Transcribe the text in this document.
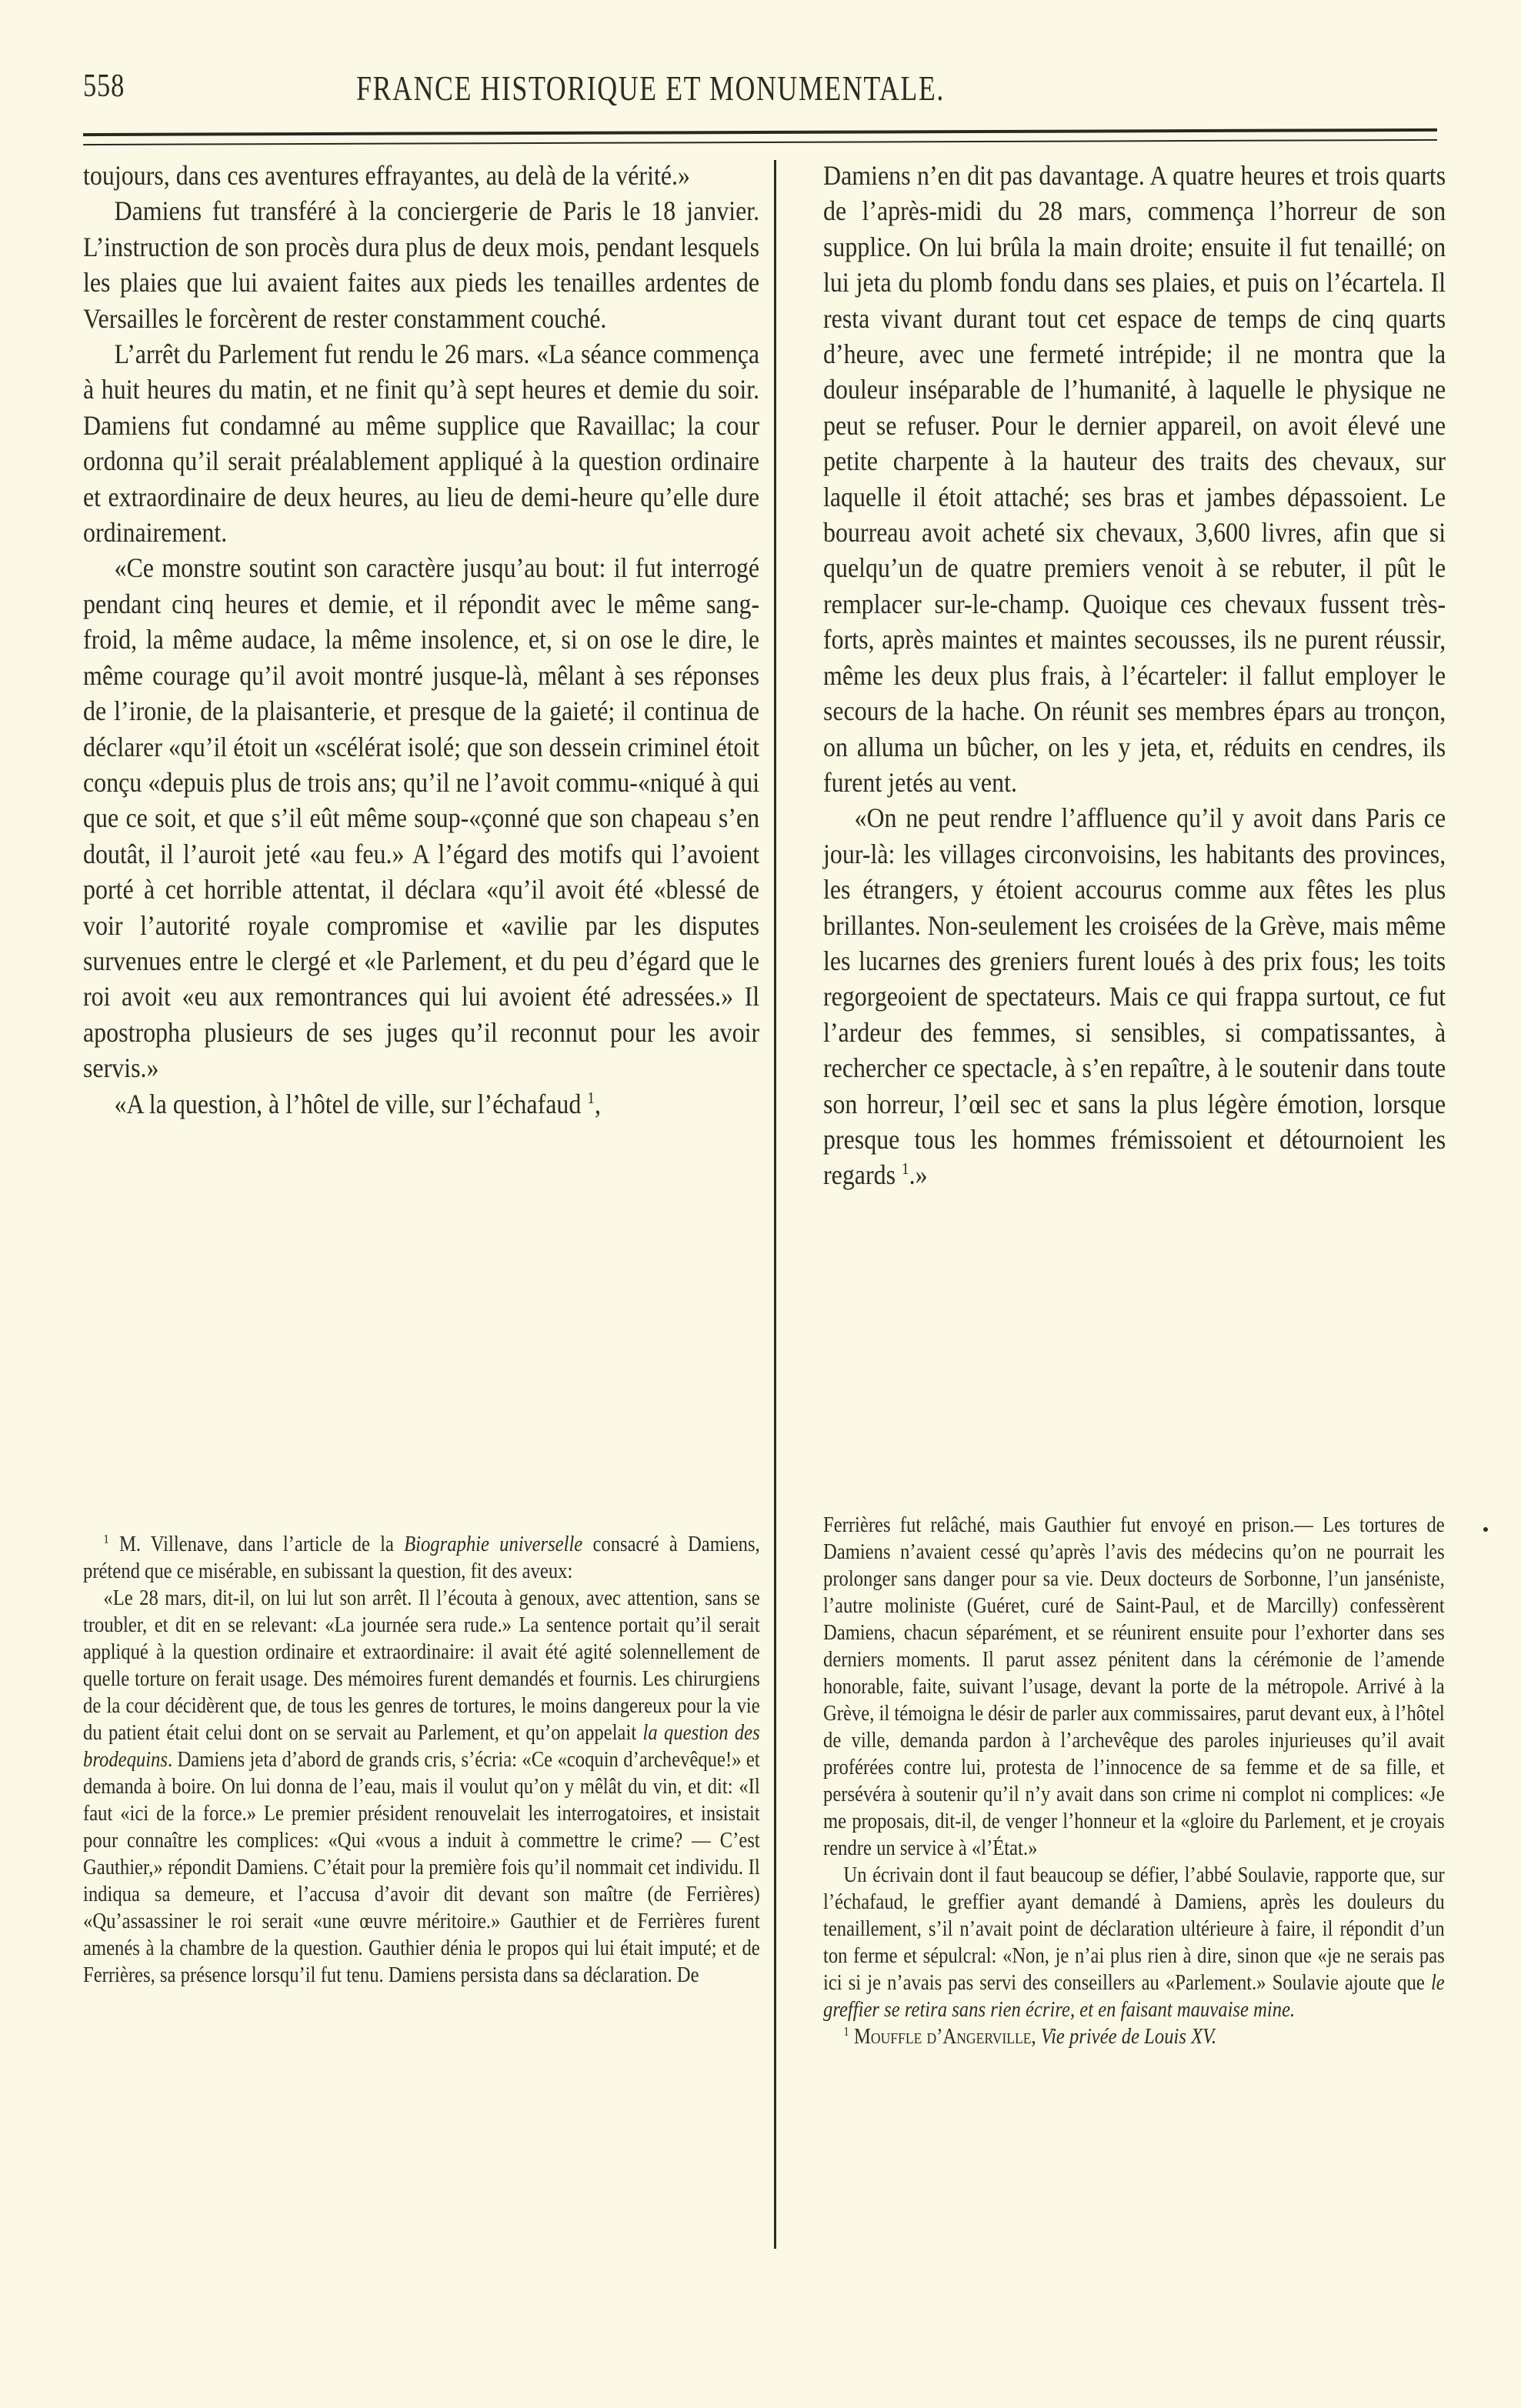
558	FRANCE HISTORIQUE ET MONUMENTALE.

toujours, dans ces aventures effrayantes, au delà de la vérité.»

Damiens fut transféré à la conciergerie de Paris le 18 janvier. L’instruction de son procès dura plus de deux mois, pendant lesquels les plaies que lui avaient faites aux pieds les tenailles ardentes de Versailles le forcèrent de rester constamment couché.

L’arrêt du Parlement fut rendu le 26 mars. «La séance commença à huit heures du matin, et ne finit qu’à sept heures et demie du soir. Damiens fut condamné au même supplice que Ravaillac; la cour ordonna qu’il serait préalablement appliqué à la question ordinaire et extraordinaire de deux heures, au lieu de demi-heure qu’elle dure ordinairement.

«Ce monstre soutint son caractère jusqu’au bout: il fut interrogé pendant cinq heures et demie, et il répondit avec le même sang-froid, la même audace, la même insolence, et, si on ose le dire, le même courage qu’il avoit montré jusque-là, mêlant à ses réponses de l’ironie, de la plaisanterie, et presque de la gaieté; il continua de déclarer «qu’il étoit un «scélérat isolé; que son dessein criminel étoit conçu «depuis plus de trois ans; qu’il ne l’avoit commu-«niqué à qui que ce soit, et que s’il eût même soup-«çonné que son chapeau s’en doutât, il l’auroit jeté «au feu.» A l’égard des motifs qui l’avoient porté à cet horrible attentat, il déclara «qu’il avoit été «blessé de voir l’autorité royale compromise et «avilie par les disputes survenues entre le clergé et «le Parlement, et du peu d’égard que le roi avoit «eu aux remontrances qui lui avoient été adressées.» Il apostropha plusieurs de ses juges qu’il reconnut pour les avoir servis.»

«A la question, à l’hôtel de ville, sur l’échafaud $^1$,

$^1$ M. Villenave, dans l’article de la Biographie universelle consacré à Damiens, prétend que ce misérable, en subissant la question, fit des aveux:

«Le 28 mars, dit-il, on lui lut son arrêt. Il l’écouta à genoux, avec attention, sans se troubler, et dit en se relevant: «La journée sera rude.» La sentence portait qu’il serait appliqué à la question ordinaire et extraordinaire: il avait été agité solennellement de quelle torture on ferait usage. Des mémoires furent demandés et fournis. Les chirurgiens de la cour décidèrent que, de tous les genres de tortures, le moins dangereux pour la vie du patient était celui dont on se servait au Parlement, et qu’on appelait la question des brodequins. Damiens jeta d’abord de grands cris, s’écria: «Ce «coquin d’archevêque!» et demanda à boire. On lui donna de l’eau, mais il voulut qu’on y mêlât du vin, et dit: «Il faut «ici de la force.» Le premier président renouvelait les interrogatoires, et insistait pour connaître les complices: «Qui «vous a induit à commettre le crime? — C’est Gauthier,» répondit Damiens. C’était pour la première fois qu’il nommait cet individu. Il indiqua sa demeure, et l’accusa d’avoir dit devant son maître (de Ferrières) «Qu’assassiner le roi serait «une œuvre méritoire.» Gauthier et de Ferrières furent amenés à la chambre de la question. Gauthier dénia le propos qui lui était imputé; et de Ferrières, sa présence lorsqu’il fut tenu. Damiens persista dans sa déclaration. De

Damiens n’en dit pas davantage. A quatre heures et trois quarts de l’après-midi du 28 mars, commença l’horreur de son supplice. On lui brûla la main droite; ensuite il fut tenaillé; on lui jeta du plomb fondu dans ses plaies, et puis on l’écartela. Il resta vivant durant tout cet espace de temps de cinq quarts d’heure, avec une fermeté intrépide; il ne montra que la douleur inséparable de l’humanité, à laquelle le physique ne peut se refuser. Pour le dernier appareil, on avoit élevé une petite charpente à la hauteur des traits des chevaux, sur laquelle il étoit attaché; ses bras et jambes dépassoient. Le bourreau avoit acheté six chevaux, 3,600 livres, afin que si quelqu’un de quatre premiers venoit à se rebuter, il pût le remplacer sur-le-champ. Quoique ces chevaux fussent très-forts, après maintes et maintes secousses, ils ne purent réussir, même les deux plus frais, à l’écarteler: il fallut employer le secours de la hache. On réunit ses membres épars au tronçon, on alluma un bûcher, on les y jeta, et, réduits en cendres, ils furent jetés au vent.

«On ne peut rendre l’affluence qu’il y avoit dans Paris ce jour-là: les villages circonvoisins, les habitants des provinces, les étrangers, y étoient accourus comme aux fêtes les plus brillantes. Non-seulement les croisées de la Grève, mais même les lucarnes des greniers furent loués à des prix fous; les toits regorgeoient de spectateurs. Mais ce qui frappa surtout, ce fut l’ardeur des femmes, si sensibles, si compatissantes, à rechercher ce spectacle, à s’en repaître, à le soutenir dans toute son horreur, l’œil sec et sans la plus légère émotion, lorsque presque tous les hommes frémissoient et détournoient les regards $^1$.»

Ferrières fut relâché, mais Gauthier fut envoyé en prison.— Les tortures de Damiens n’avaient cessé qu’après l’avis des médecins qu’on ne pourrait les prolonger sans danger pour sa vie. Deux docteurs de Sorbonne, l’un janséniste, l’autre moliniste (Guéret, curé de Saint-Paul, et de Marcilly) confessèrent Damiens, chacun séparément, et se réunirent ensuite pour l’exhorter dans ses derniers moments. Il parut assez pénitent dans la cérémonie de l’amende honorable, faite, suivant l’usage, devant la porte de la métropole. Arrivé à la Grève, il témoigna le désir de parler aux commissaires, parut devant eux, à l’hôtel de ville, demanda pardon à l’archevêque des paroles injurieuses qu’il avait proférées contre lui, protesta de l’innocence de sa femme et de sa fille, et persévéra à soutenir qu’il n’y avait dans son crime ni complot ni complices: «Je me proposais, dit-il, de venger l’honneur et la «gloire du Parlement, et je croyais rendre un service à «l’État.»

Un écrivain dont il faut beaucoup se défier, l’abbé Soulavie, rapporte que, sur l’échafaud, le greffier ayant demandé à Damiens, après les douleurs du tenaillement, s’il n’avait point de déclaration ultérieure à faire, il répondit d’un ton ferme et sépulcral: «Non, je n’ai plus rien à dire, sinon que «je ne serais pas ici si je n’avais pas servi des conseillers au «Parlement.» Soulavie ajoute que le greffier se retira sans rien écrire, et en faisant mauvaise mine.

$^1$ Mouffle d’Angerville, Vie privée de Louis XV.
